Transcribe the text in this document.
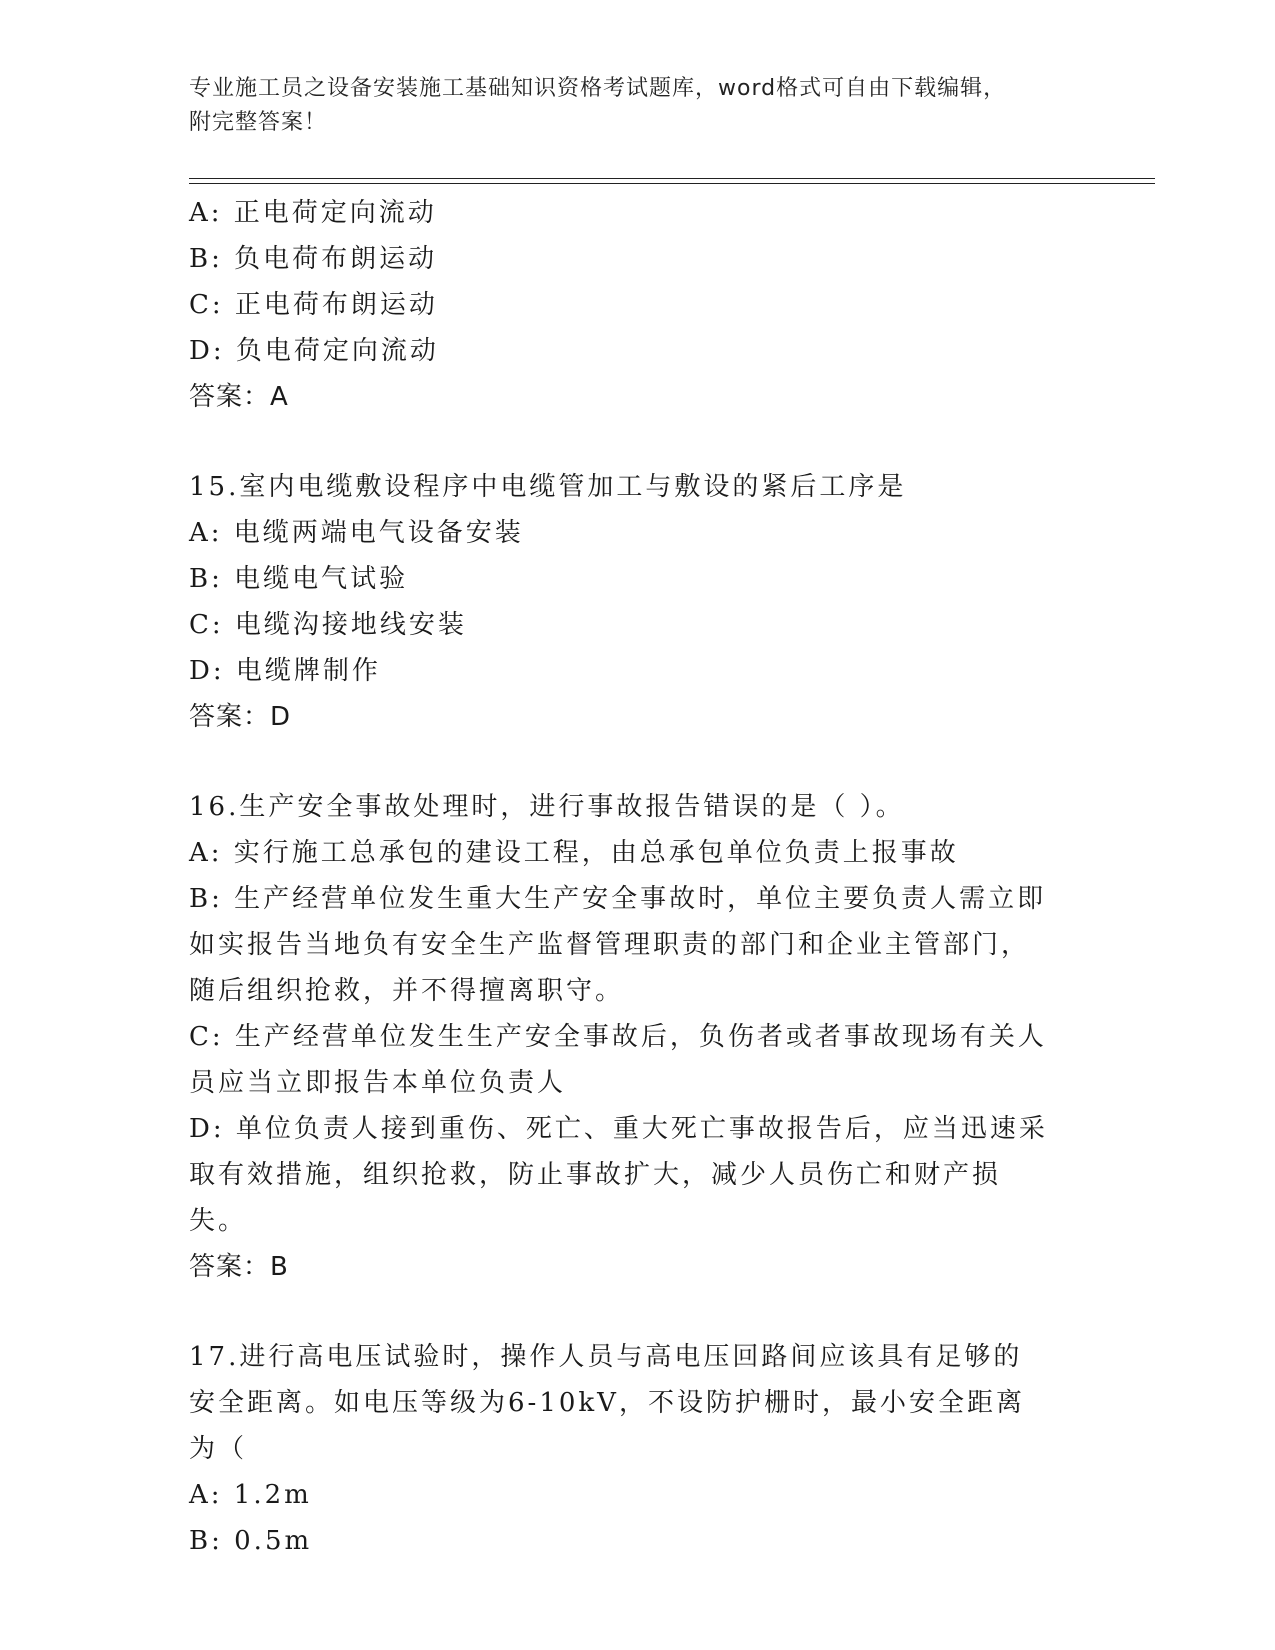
专业施工员之设备安装施工基础知识资格考试题库，word格式可自由下载编辑，
附完整答案！
A: 正电荷定向流动
B: 负电荷布朗运动
C: 正电荷布朗运动
D: 负电荷定向流动
答案：A
15.室内电缆敷设程序中电缆管加工与敷设的紧后工序是
A: 电缆两端电气设备安装
B: 电缆电气试验
C: 电缆沟接地线安装
D: 电缆牌制作
答案：D
16.生产安全事故处理时，进行事故报告错误的是（ ）。
A: 实行施工总承包的建设工程，由总承包单位负责上报事故
B: 生产经营单位发生重大生产安全事故时，单位主要负责人需立即如实报告当地负有安全生产监督管理职责的部门和企业主管部门，随后组织抢救，并不得擅离职守。
C: 生产经营单位发生生产安全事故后，负伤者或者事故现场有关人员应当立即报告本单位负责人
D: 单位负责人接到重伤、死亡、重大死亡事故报告后，应当迅速采取有效措施，组织抢救，防止事故扩大，减少人员伤亡和财产损失。
答案：B
17.进行高电压试验时，操作人员与高电压回路间应该具有足够的安全距离。如电压等级为6-10kV，不设防护栅时，最小安全距离为（
A: 1.2m
B: 0.5m
